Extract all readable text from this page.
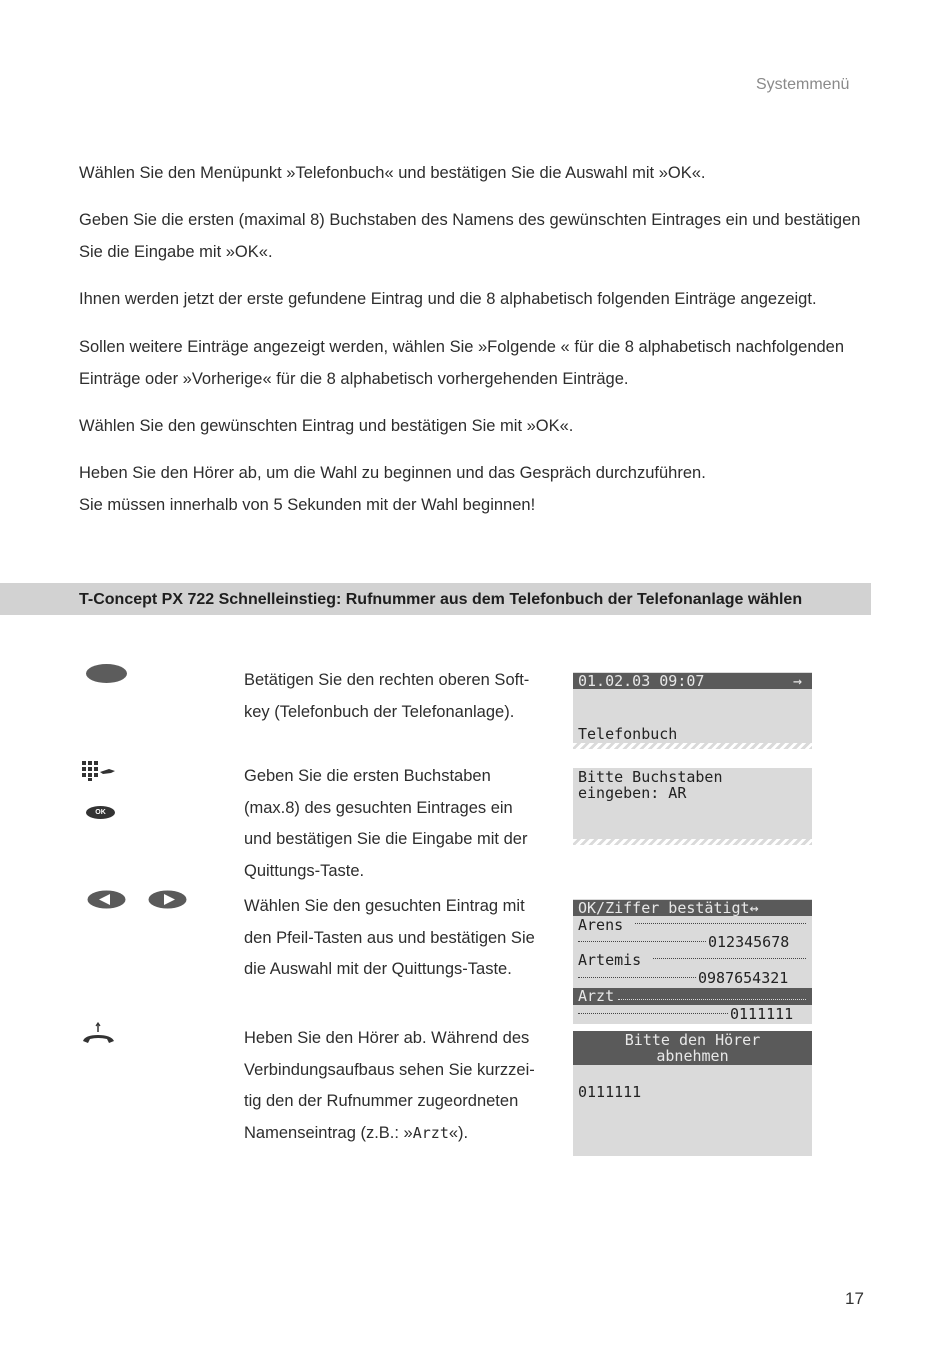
Systemmenü
Wählen Sie den Menüpunkt »Telefonbuch« und bestätigen Sie die Auswahl mit »OK«.
Geben Sie die ersten (maximal 8) Buchstaben des Namens des gewünschten Eintrages ein und bestätigen Sie die Eingabe mit »OK«.
Ihnen werden jetzt der erste gefundene Eintrag und die 8 alphabetisch folgenden Einträge angezeigt.
Sollen weitere Einträge angezeigt werden, wählen Sie »Folgende « für die 8 alphabetisch nachfolgenden Einträge oder »Vorherige« für die 8 alphabetisch vorhergehenden Einträge.
Wählen Sie den gewünschten Eintrag und bestätigen Sie mit »OK«.
Heben Sie den Hörer ab, um die Wahl zu beginnen und das Gespräch durchzuführen.
Sie müssen innerhalb von 5 Sekunden mit der Wahl beginnen!
T-Concept PX 722 Schnelleinstieg: Rufnummer aus dem Telefonbuch der Telefonanlage wählen
OK
Betätigen Sie den rechten oberen Soft-key (Telefonbuch der Telefonanlage).
Geben Sie die ersten Buchstaben (max.8) des gesuchten Eintrages ein und bestätigen Sie die Eingabe mit der Quittungs-Taste.
Wählen Sie den gesuchten Eintrag mit den Pfeil-Tasten aus und bestätigen Sie die Auswahl mit der Quittungs-Taste.
Heben Sie den Hörer ab. Während des Verbindungsaufbaus sehen Sie kurzzei-tig den der Rufnummer zugeordneten Namenseintrag (z.B.: »Arzt«).
01.02.03 09:07	→
Telefonbuch
Bitte Buchstaben
eingeben: AR
OK/Ziffer bestätigt↔
Arens
012345678
Artemis
0987654321
Arzt
0111111
Bitte den Hörer
abnehmen
0111111
17
